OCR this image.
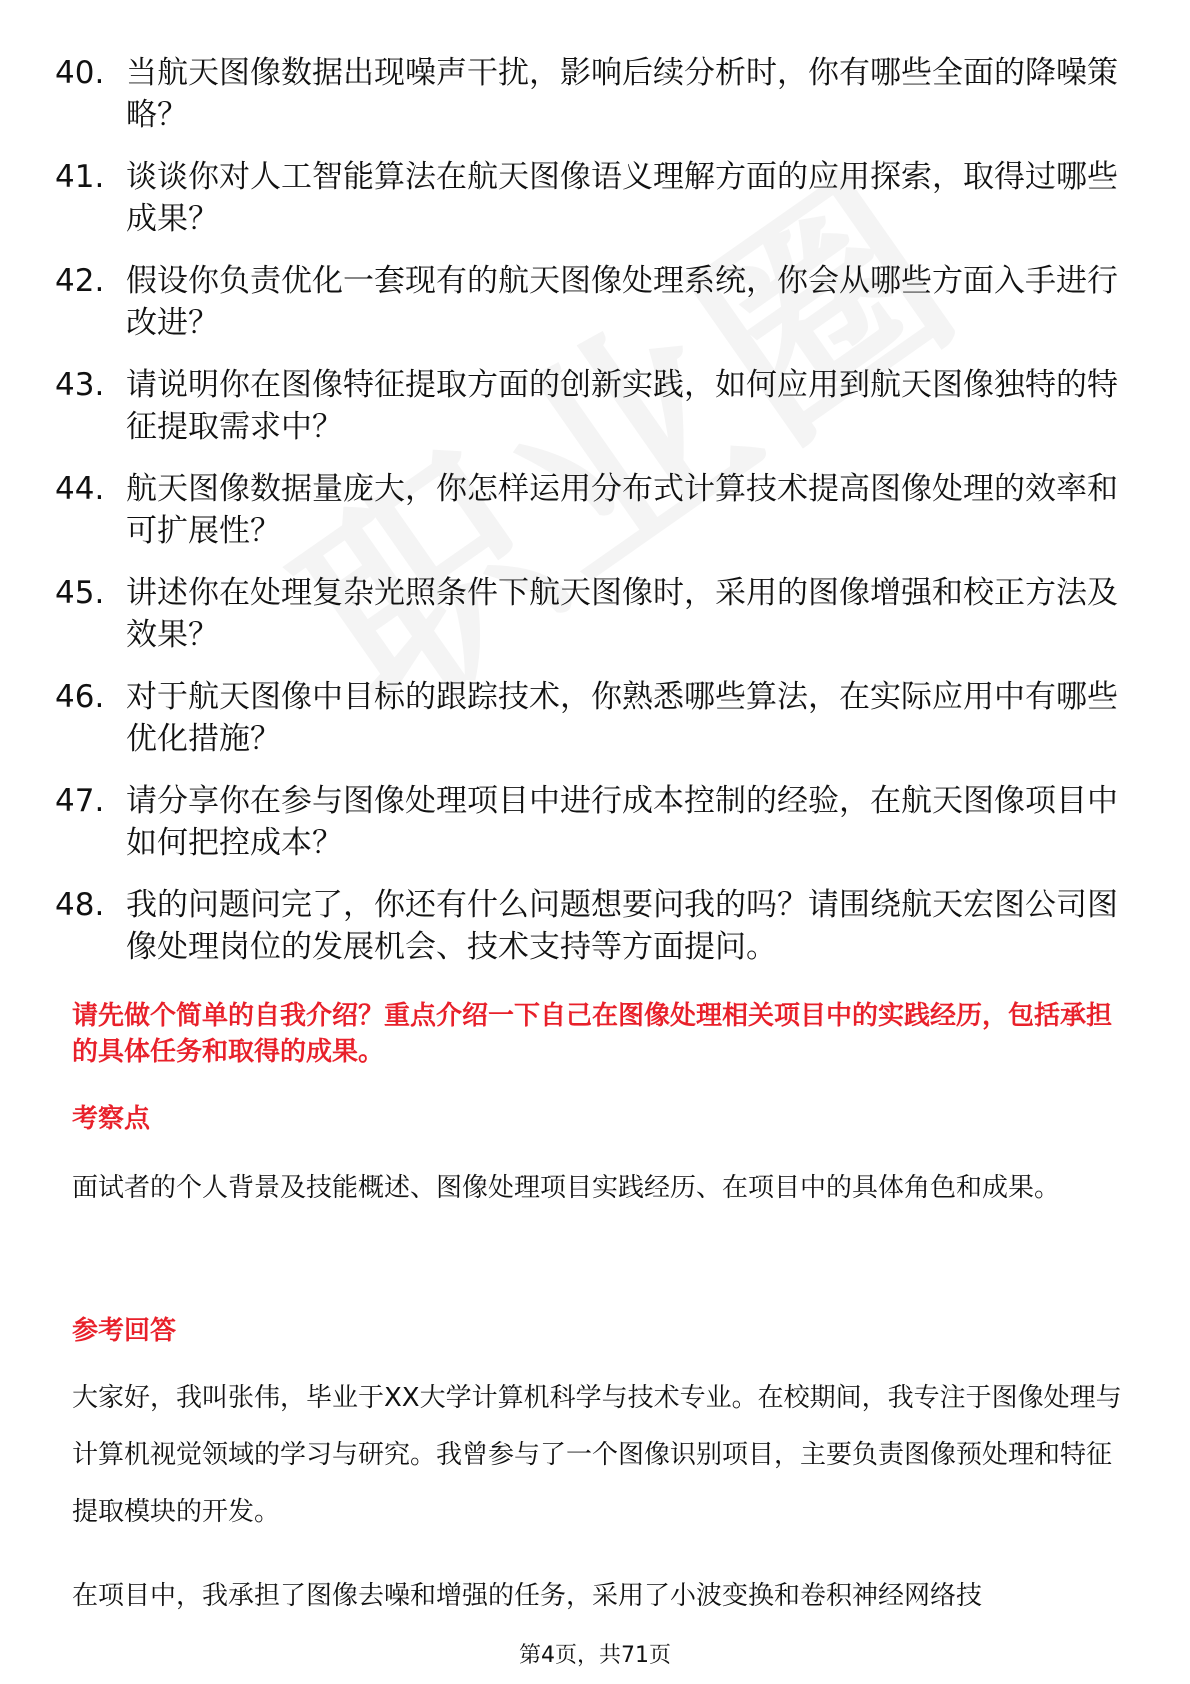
40. 当航天图像数据出现噪声干扰，影响后续分析时，你有哪些全面的降噪策略？
41. 谈谈你对人工智能算法在航天图像语义理解方面的应用探索，取得过哪些成果？
42. 假设你负责优化一套现有的航天图像处理系统，你会从哪些方面入手进行改进？
43. 请说明你在图像特征提取方面的创新实践，如何应用到航天图像独特的特征提取需求中？
44. 航天图像数据量庞大，你怎样运用分布式计算技术提高图像处理的效率和可扩展性？
45. 讲述你在处理复杂光照条件下航天图像时，采用的图像增强和校正方法及效果？
46. 对于航天图像中目标的跟踪技术，你熟悉哪些算法，在实际应用中有哪些优化措施？
47. 请分享你在参与图像处理项目中进行成本控制的经验，在航天图像项目中如何把控成本？
48. 我的问题问完了，你还有什么问题想要问我的吗？请围绕航天宏图公司图像处理岗位的发展机会、技术支持等方面提问。
请先做个简单的自我介绍？重点介绍一下自己在图像处理相关项目中的实践经历，包括承担的具体任务和取得的成果。
考察点
面试者的个人背景及技能概述、图像处理项目实践经历、在项目中的具体角色和成果。
参考回答
大家好，我叫张伟，毕业于XX大学计算机科学与技术专业。在校期间，我专注于图像处理与计算机视觉领域的学习与研究。我曾参与了一个图像识别项目，主要负责图像预处理和特征提取模块的开发。
在项目中，我承担了图像去噪和增强的任务，采用了小波变换和卷积神经网络技
第4页，共71页
